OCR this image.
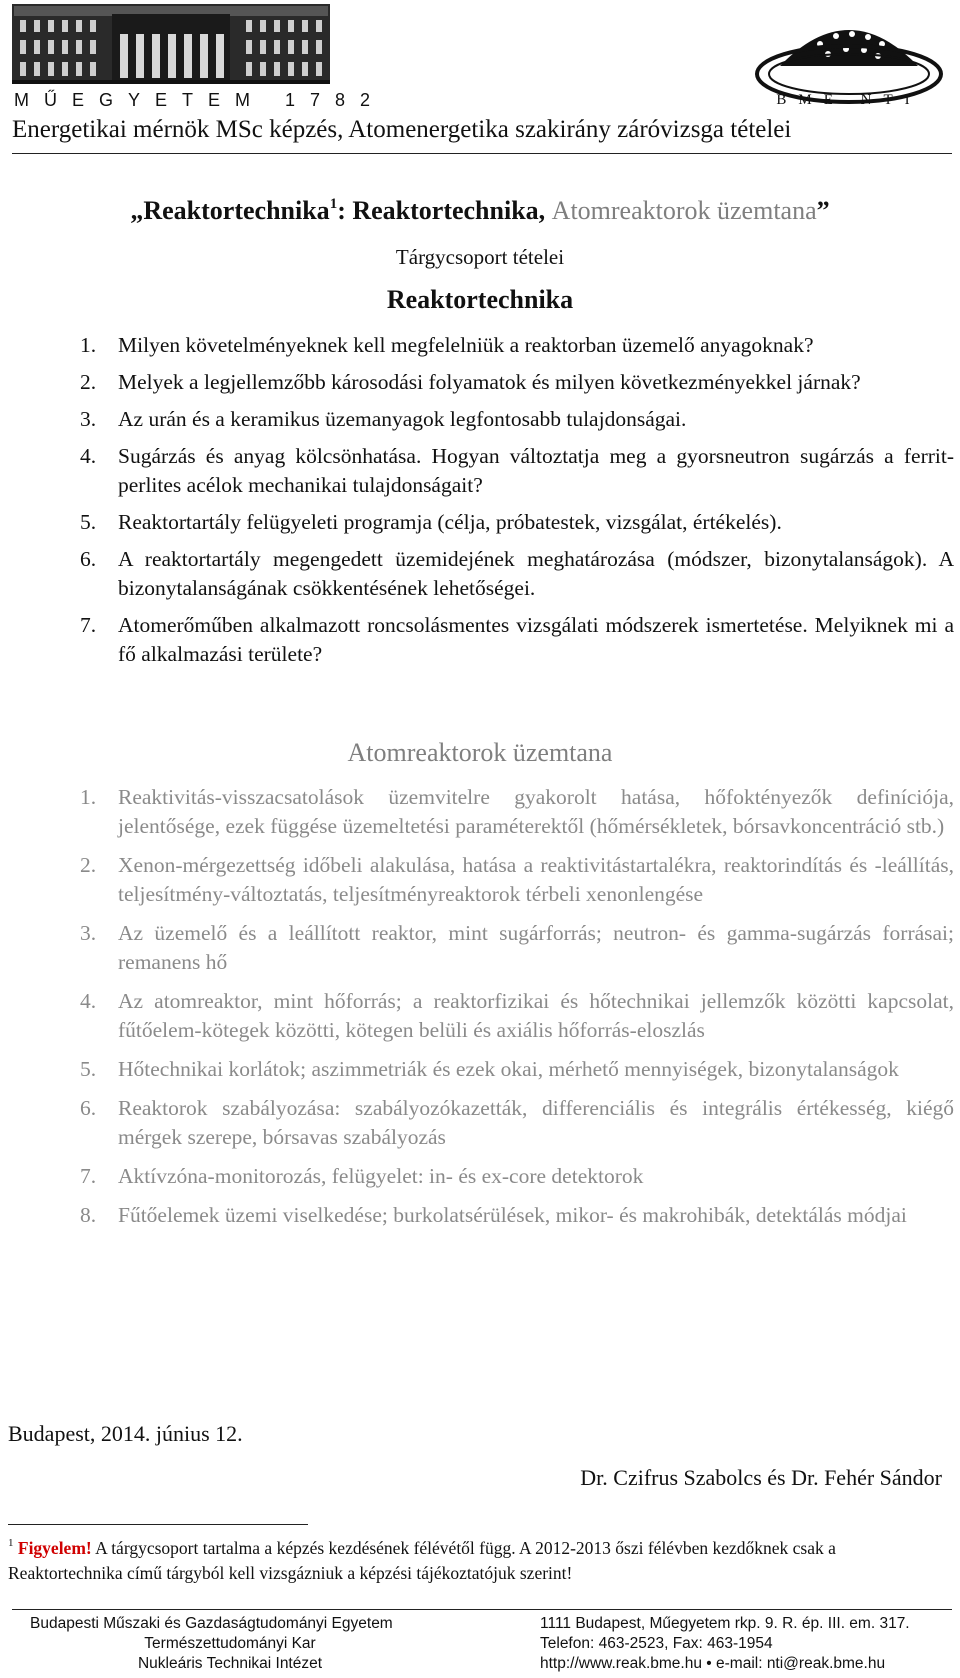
MŰEGYETEM 1782	BME NTI
Energetikai mérnök MSc képzés, Atomenergetika szakirány záróvizsga tételei
„Reaktortechnika$^1$: Reaktortechnika, Atomreaktorok üzemtana”
Tárgycsoport tételei
Reaktortechnika
1. Milyen követelményeknek kell megfelelniük a reaktorban üzemelő anyagoknak?
2. Melyek a legjellemzőbb károsodási folyamatok és milyen következményekkel járnak?
3. Az urán és a keramikus üzemanyagok legfontosabb tulajdonságai.
4. Sugárzás és anyag kölcsönhatása. Hogyan változtatja meg a gyorsneutron sugárzás a ferrit-perlites acélok mechanikai tulajdonságait?
5. Reaktortartály felügyeleti programja (célja, próbatestek, vizsgálat, értékelés).
6. A reaktortartály megengedett üzemidejének meghatározása (módszer, bizonytalanságok). A bizonytalanságának csökkentésének lehetőségei.
7. Atomerőműben alkalmazott roncsolásmentes vizsgálati módszerek ismertetése. Melyiknek mi a fő alkalmazási területe?
Atomreaktorok üzemtana
1. Reaktivitás-visszacsatolások üzemvitelre gyakorolt hatása, hőfoktényezők definíciója, jelentősége, ezek függése üzemeltetési paraméterektől (hőmérsékletek, bórsavkoncentráció stb.)
2. Xenon-mérgezettség időbeli alakulása, hatása a reaktivitástartalékra, reaktorindítás és -leállítás, teljesítmény-változtatás, teljesítményreaktorok térbeli xenonlengése
3. Az üzemelő és a leállított reaktor, mint sugárforrás; neutron- és gamma-sugárzás forrásai; remanens hő
4. Az atomreaktor, mint hőforrás; a reaktorfizikai és hőtechnikai jellemzők közötti kapcsolat, fűtőelem-kötegek közötti, kötegen belüli és axiális hőforrás-eloszlás
5. Hőtechnikai korlátok; aszimmetriák és ezek okai, mérhető mennyiségek, bizonytalanságok
6. Reaktorok szabályozása: szabályozókazetták, differenciális és integrális értékesség, kiégő mérgek szerepe, bórsavas szabályozás
7. Aktívzóna-monitorozás, felügyelet: in- és ex-core detektorok
8. Fűtőelemek üzemi viselkedése; burkolatsérülések, mikor- és makrohibák, detektálás módjai
Budapest, 2014. június 12.
Dr. Czifrus Szabolcs és Dr. Fehér Sándor
$^1$ Figyelem! A tárgycsoport tartalma a képzés kezdésének félévétől függ. A 2012-2013 őszi félévben kezdőknek csak a Reaktortechnika című tárgyból kell vizsgázniuk a képzési tájékoztatójuk szerint!
Budapesti Műszaki és Gazdaságtudományi Egyetem
Természettudományi Kar
Nukleáris Technikai Intézet
1111 Budapest, Műegyetem rkp. 9. R. ép. III. em. 317.
Telefon: 463-2523, Fax: 463-1954
http://www.reak.bme.hu • e-mail: nti@reak.bme.hu
